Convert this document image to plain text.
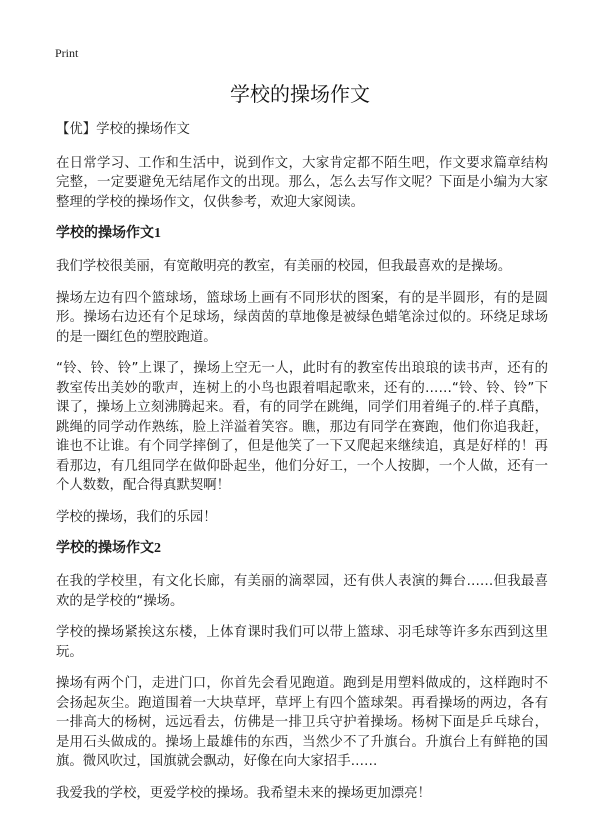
Print
学校的操场作文

【优】学校的操场作文

在日常学习、工作和生活中，说到作文，大家肯定都不陌生吧，作文要求篇章结构完整，一定要避免无结尾作文的出现。那么，怎么去写作文呢？下面是小编为大家整理的学校的操场作文，仅供参考，欢迎大家阅读。

学校的操场作文1

我们学校很美丽，有宽敞明亮的教室，有美丽的校园，但我最喜欢的是操场。

操场左边有四个篮球场，篮球场上画有不同形状的图案，有的是半圆形，有的是圆形。操场右边还有个足球场，绿茵茵的草地像是被绿色蜡笔涂过似的。环绕足球场的是一圈红色的塑胶跑道。

“铃、铃、铃”上课了，操场上空无一人，此时有的教室传出琅琅的读书声，还有的教室传出美妙的歌声，连树上的小鸟也跟着唱起歌来，还有的……“铃、铃、铃”下课了，操场上立刻沸腾起来。看，有的同学在跳绳，同学们用着绳子的.样子真酷，跳绳的同学动作熟练，脸上洋溢着笑容。瞧，那边有同学在赛跑，他们你追我赶，谁也不让谁。有个同学摔倒了，但是他笑了一下又爬起来继续追，真是好样的！再看那边，有几组同学在做仰卧起坐，他们分好工，一个人按脚，一个人做，还有一个人数数，配合得真默契啊！

学校的操场，我们的乐园！

学校的操场作文2

在我的学校里，有文化长廊，有美丽的滴翠园，还有供人表演的舞台……但我最喜欢的是学校的“操场。

学校的操场紧挨这东楼，上体育课时我们可以带上篮球、羽毛球等许多东西到这里玩。

操场有两个门，走进门口，你首先会看见跑道。跑到是用塑料做成的，这样跑时不会扬起灰尘。跑道围着一大块草坪，草坪上有四个篮球架。再看操场的两边，各有一排高大的杨树，远远看去，仿佛是一排卫兵守护着操场。杨树下面是乒乓球台，是用石头做成的。操场上最雄伟的东西，当然少不了升旗台。升旗台上有鲜艳的国旗。微风吹过，国旗就会飘动，好像在向大家招手……

我爱我的学校，更爱学校的操场。我希望未来的操场更加漂亮！
